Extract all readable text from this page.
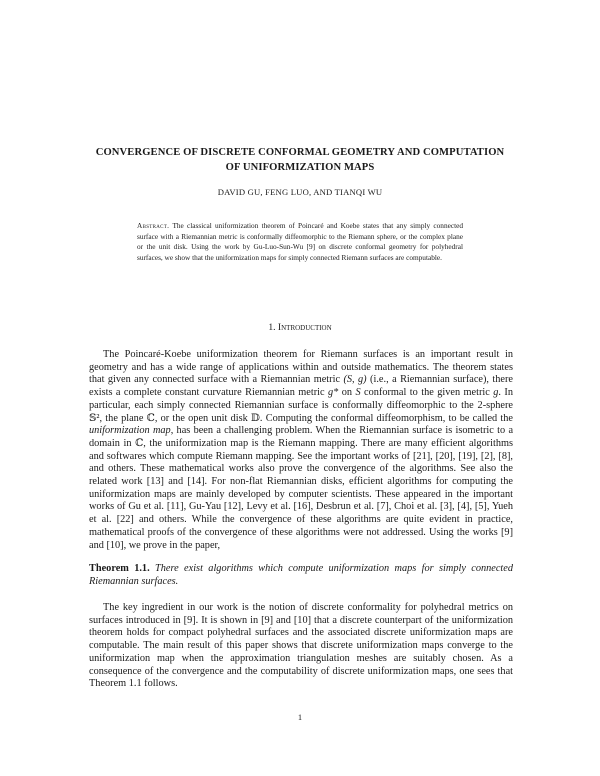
CONVERGENCE OF DISCRETE CONFORMAL GEOMETRY AND COMPUTATION
OF UNIFORMIZATION MAPS
DAVID GU, FENG LUO, AND TIANQI WU
Abstract. The classical uniformization theorem of Poincaré and Koebe states that any simply connected surface with a Riemannian metric is conformally diffeomorphic to the Riemann sphere, or the complex plane or the unit disk. Using the work by Gu-Luo-Sun-Wu [9] on discrete conformal geometry for polyhedral surfaces, we show that the uniformization maps for simply connected Riemann surfaces are computable.
1. Introduction
The Poincaré-Koebe uniformization theorem for Riemann surfaces is an important result in geometry and has a wide range of applications within and outside mathematics. The theorem states that given any connected surface with a Riemannian metric (S, g) (i.e., a Riemannian surface), there exists a complete constant curvature Riemannian metric g* on S conformal to the given metric g. In particular, each simply connected Riemannian surface is conformally diffeomorphic to the 2-sphere 𝕊², the plane ℂ, or the open unit disk 𝔻. Computing the conformal diffeomorphism, to be called the uniformization map, has been a challenging problem. When the Riemannian surface is isometric to a domain in ℂ, the uniformization map is the Riemann mapping. There are many efficient algorithms and softwares which compute Riemann mapping. See the important works of [21], [20], [19], [2], [8], and others. These mathematical works also prove the convergence of the algorithms. See also the related work [13] and [14]. For non-flat Riemannian disks, efficient algorithms for computing the uniformization maps are mainly developed by computer scientists. These appeared in the important works of Gu et al. [11], Gu-Yau [12], Levy et al. [16], Desbrun et al. [7], Choi et al. [3], [4], [5], Yueh et al. [22] and others. While the convergence of these algorithms are quite evident in practice, mathematical proofs of the convergence of these algorithms were not addressed. Using the works [9] and [10], we prove in the paper,
Theorem 1.1. There exist algorithms which compute uniformization maps for simply connected Riemannian surfaces.
The key ingredient in our work is the notion of discrete conformality for polyhedral metrics on surfaces introduced in [9]. It is shown in [9] and [10] that a discrete counterpart of the uniformization theorem holds for compact polyhedral surfaces and the associated discrete uniformization maps are computable. The main result of this paper shows that discrete uniformization maps converge to the uniformization map when the approximation triangulation meshes are suitably chosen. As a consequence of the convergence and the computability of discrete uniformization maps, one sees that Theorem 1.1 follows.
1
